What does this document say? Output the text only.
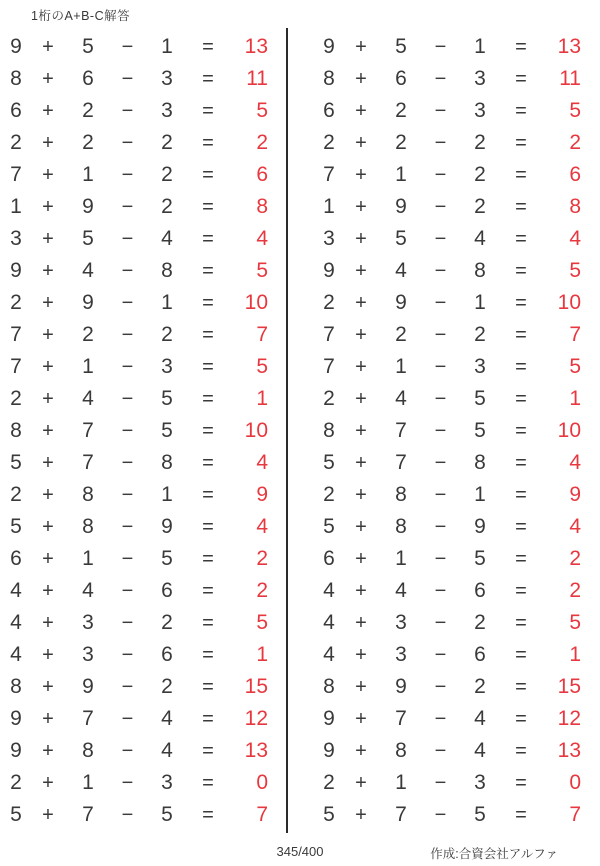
1桁のA+B-C解答
9	+	5	−	1	=	13
8	+	6	−	3	=	11
6	+	2	−	3	=	5
2	+	2	−	2	=	2
7	+	1	−	2	=	6
1	+	9	−	2	=	8
3	+	5	−	4	=	4
9	+	4	−	8	=	5
2	+	9	−	1	=	10
7	+	2	−	2	=	7
7	+	1	−	3	=	5
2	+	4	−	5	=	1
8	+	7	−	5	=	10
5	+	7	−	8	=	4
2	+	8	−	1	=	9
5	+	8	−	9	=	4
6	+	1	−	5	=	2
4	+	4	−	6	=	2
4	+	3	−	2	=	5
4	+	3	−	6	=	1
8	+	9	−	2	=	15
9	+	7	−	4	=	12
9	+	8	−	4	=	13
2	+	1	−	3	=	0
5	+	7	−	5	=	7
9	+	5	−	1	=	13
8	+	6	−	3	=	11
6	+	2	−	3	=	5
2	+	2	−	2	=	2
7	+	1	−	2	=	6
1	+	9	−	2	=	8
3	+	5	−	4	=	4
9	+	4	−	8	=	5
2	+	9	−	1	=	10
7	+	2	−	2	=	7
7	+	1	−	3	=	5
2	+	4	−	5	=	1
8	+	7	−	5	=	10
5	+	7	−	8	=	4
2	+	8	−	1	=	9
5	+	8	−	9	=	4
6	+	1	−	5	=	2
4	+	4	−	6	=	2
4	+	3	−	2	=	5
4	+	3	−	6	=	1
8	+	9	−	2	=	15
9	+	7	−	4	=	12
9	+	8	−	4	=	13
2	+	1	−	3	=	0
5	+	7	−	5	=	7
345/400	作成:合資会社アルファ
